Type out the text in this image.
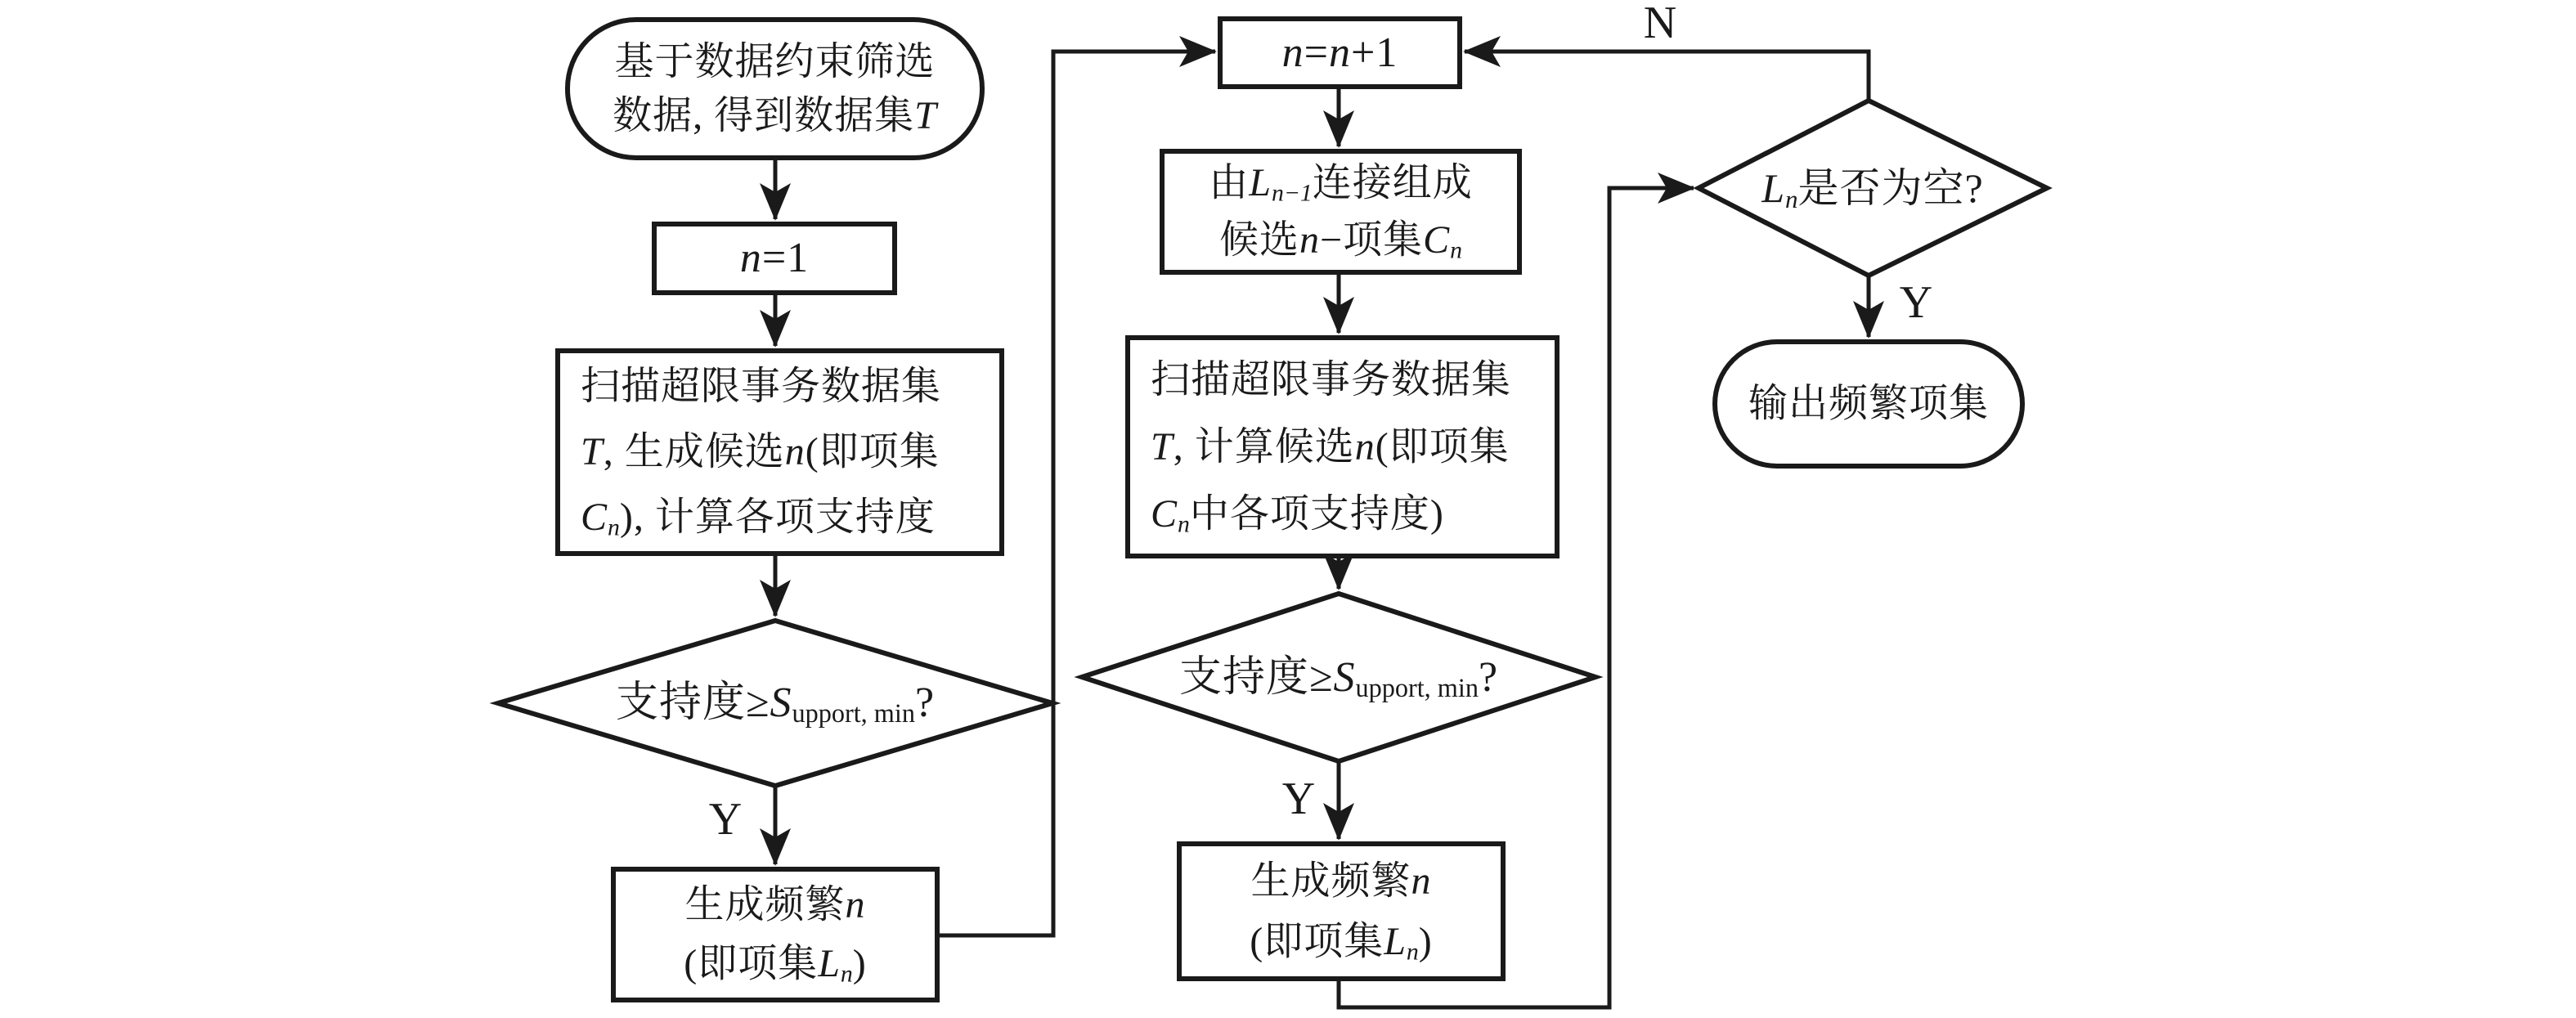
基于数据约束筛选
数据, 得到数据集T
n=1
扫描超限事务数据集
T, 生成候选n(即项集
$C_n$), 计算各项支持度
支持度$\ge S_{upport, min}$?
生成频繁n
(即项集$L_n$)
n=n+1
由$L_{n-1}$连接组成
候选n−项集$C_n$
扫描超限事务数据集
T, 计算候选n(即项集
$C_n$中各项支持度)
支持度$\ge S_{upport, min}$?
生成频繁n
(即项集$L_n$)
$L_n$是否为空?
输出频繁项集
Y	Y
Y
N
